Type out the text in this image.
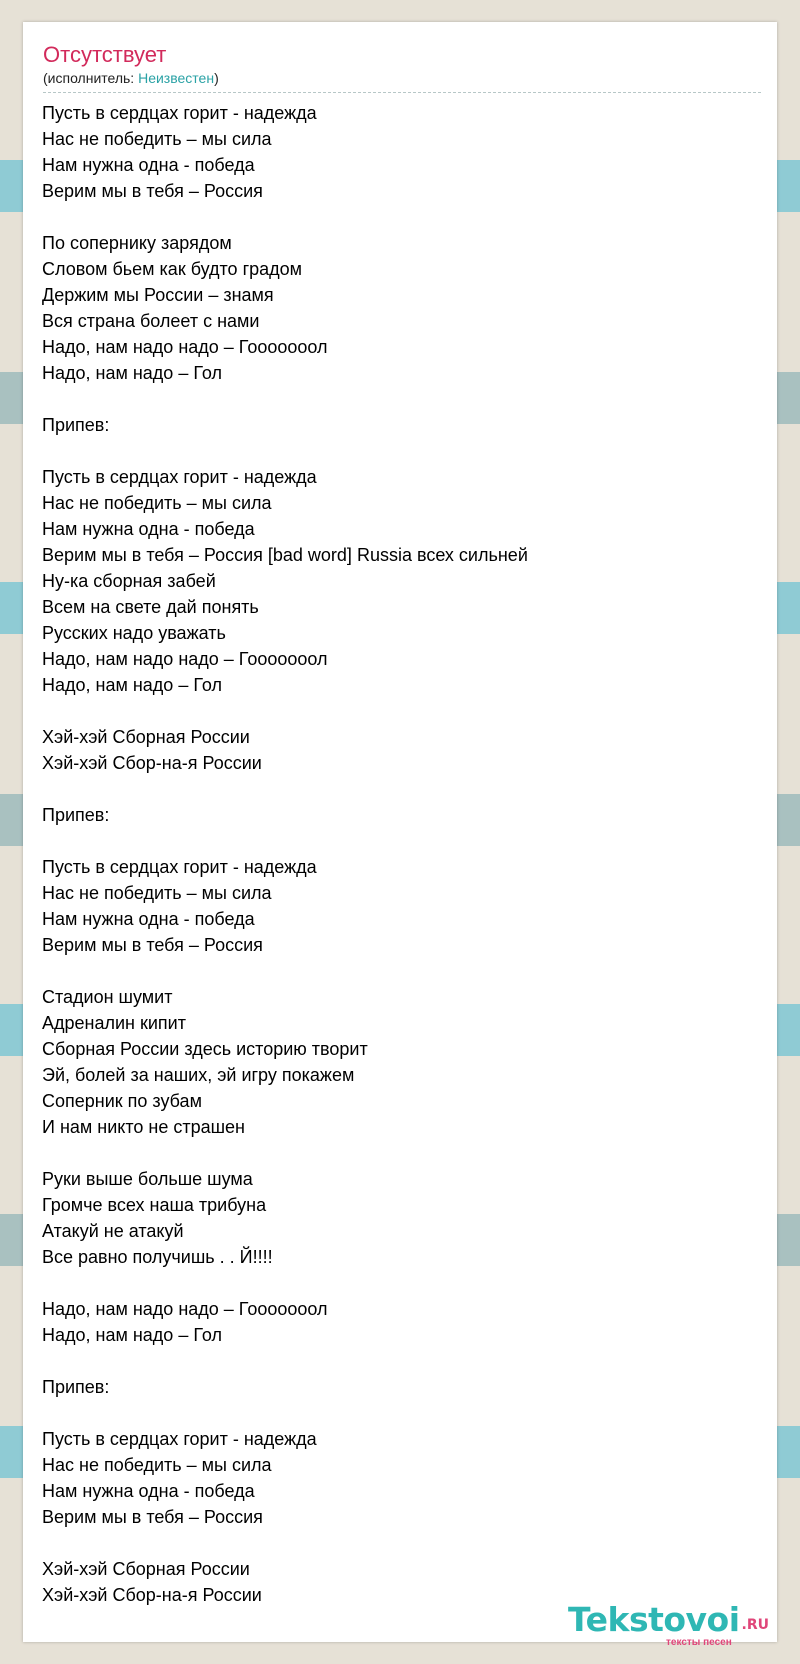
Отсутствует
(исполнитель: Неизвестен)
Пусть в сердцах горит - надежда
Нас не победить – мы сила
Нам нужна одна - победа
Верим мы в тебя – Россия

По сопернику зарядом
Словом бьем как будто градом
Держим мы России – знамя
Вся страна болеет с нами
Надо, нам надо надо – Гооооооол
Надо, нам надо – Гол

Припев:

Пусть в сердцах горит - надежда
Нас не победить – мы сила
Нам нужна одна - победа
Верим мы в тебя – Россия [bad word] Russia всех сильней
Ну-ка сборная забей
Всем на свете дай понять
Русских надо уважать
Надо, нам надо надо – Гооооооол
Надо, нам надо – Гол

Хэй-хэй Сборная России
Хэй-хэй Сбор-на-я России

Припев:

Пусть в сердцах горит - надежда
Нас не победить – мы сила
Нам нужна одна - победа
Верим мы в тебя – Россия

Стадион шумит
Адреналин кипит
Сборная России здесь историю творит
Эй, болей за наших, эй игру покажем
Соперник по зубам
И нам никто не страшен

Руки выше больше шума
Громче всех наша трибуна
Атакуй не атакуй
Все равно получишь . . Й!!!!

Надо, нам надо надо – Гооооооол
Надо, нам надо – Гол

Припев:

Пусть в сердцах горит - надежда
Нас не победить – мы сила
Нам нужна одна - победа
Верим мы в тебя – Россия

Хэй-хэй Сборная России
Хэй-хэй Сбор-на-я России
Tekstovoi .RU
тексты песен
